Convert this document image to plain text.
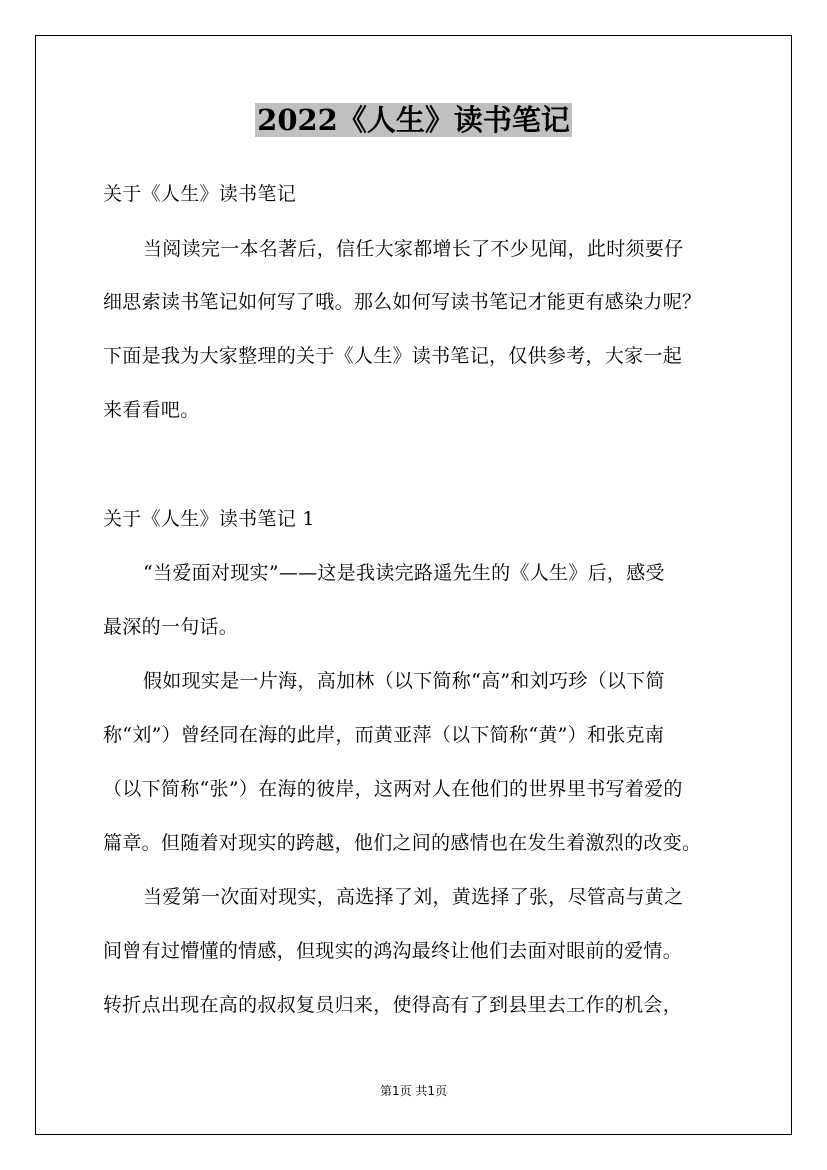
2022《人生》读书笔记
关于《人生》读书笔记
当阅读完一本名著后，信任大家都增长了不少见闻，此时须要仔
细思索读书笔记如何写了哦。那么如何写读书笔记才能更有感染力呢？
下面是我为大家整理的关于《人生》读书笔记，仅供参考，大家一起
来看看吧。
关于《人生》读书笔记 1
“当爱面对现实”——这是我读完路遥先生的《人生》后，感受
最深的一句话。
假如现实是一片海，高加林（以下简称“高”和刘巧珍（以下简
称“刘”）曾经同在海的此岸，而黄亚萍（以下简称“黄”）和张克南
（以下简称“张”）在海的彼岸，这两对人在他们的世界里书写着爱的
篇章。但随着对现实的跨越，他们之间的感情也在发生着激烈的改变。
当爱第一次面对现实，高选择了刘，黄选择了张，尽管高与黄之
间曾有过懵懂的情感，但现实的鸿沟最终让他们去面对眼前的爱情。
转折点出现在高的叔叔复员归来，使得高有了到县里去工作的机会，
第1页 共1页
